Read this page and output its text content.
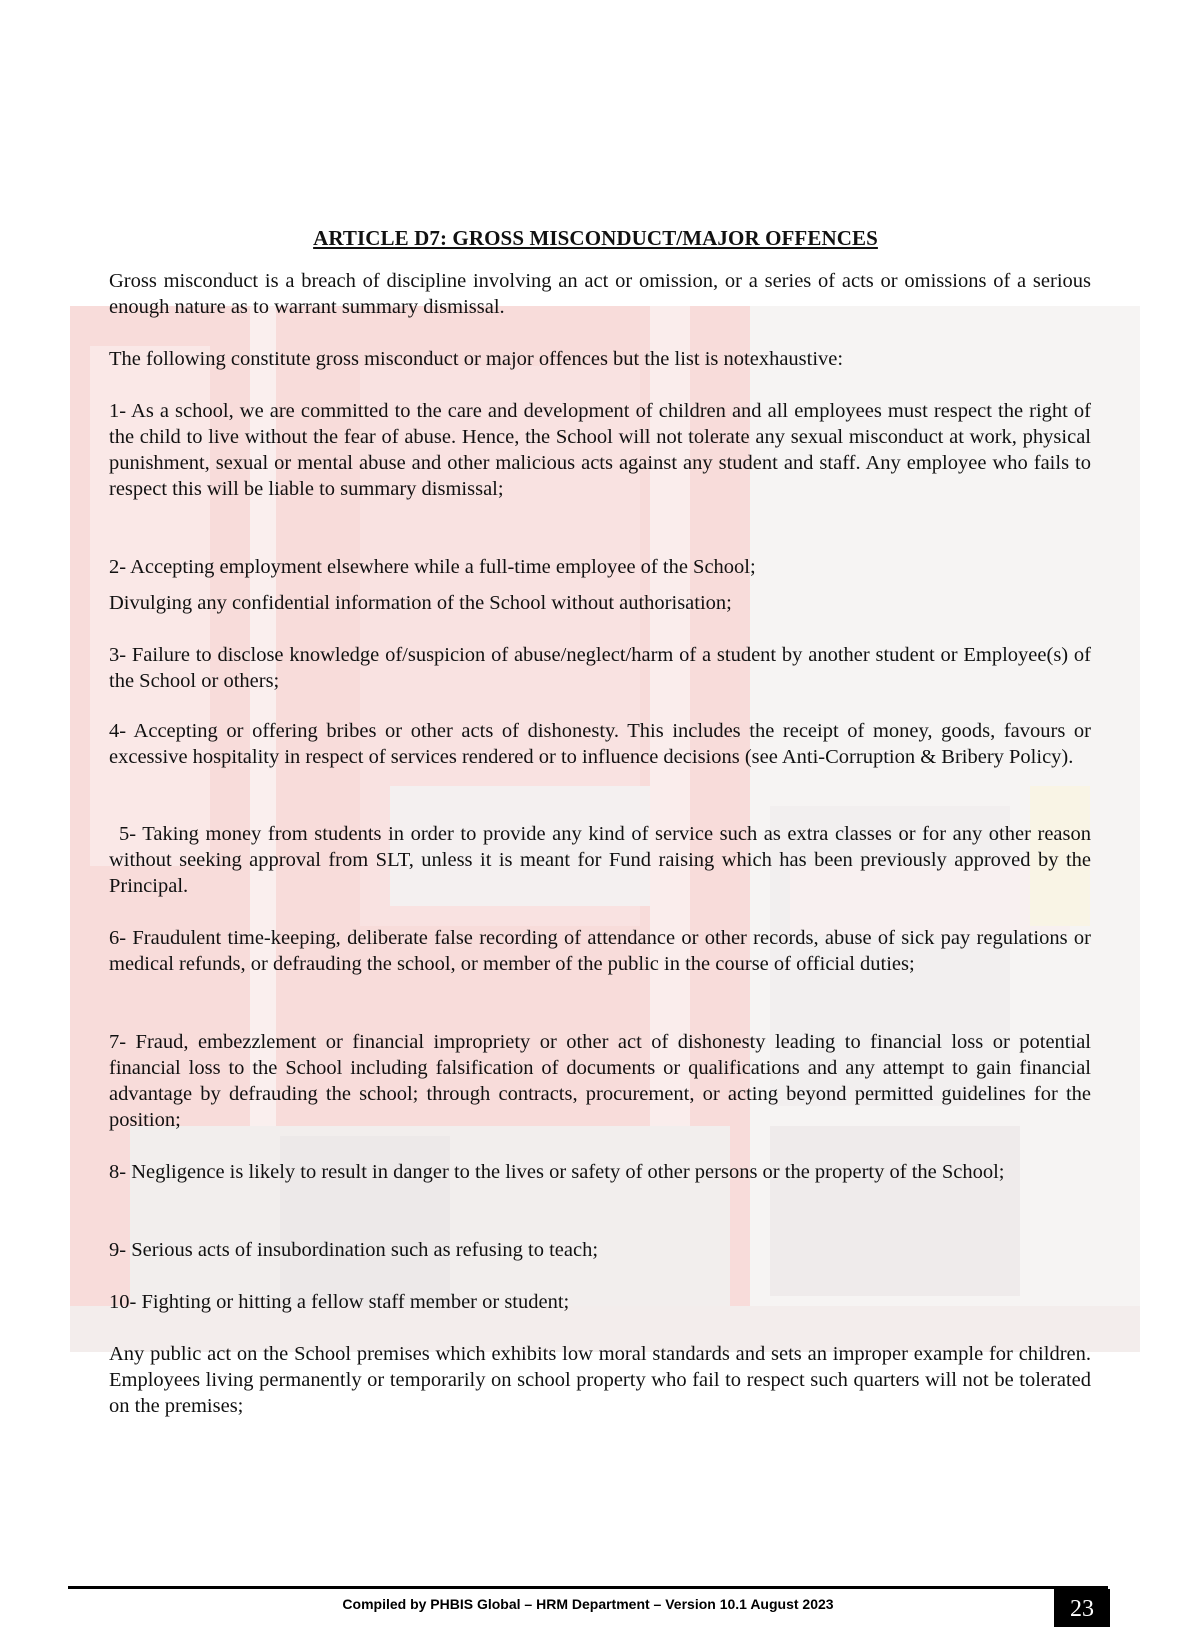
ARTICLE D7: GROSS MISCONDUCT/MAJOR OFFENCES

Gross misconduct is a breach of discipline involving an act or omission, or a series of acts or omissions of a serious enough nature as to warrant summary dismissal.

The following constitute gross misconduct or major offences but the list is notexhaustive:

1- As a school, we are committed to the care and development of children and all employees must respect the right of the child to live without the fear of abuse. Hence, the School will not tolerate any sexual misconduct at work, physical punishment, sexual or mental abuse and other malicious acts against any student and staff. Any employee who fails to respect this will be liable to summary dismissal;

2- Accepting employment elsewhere while a full-time employee of the School;

Divulging any confidential information of the School without authorisation;

3- Failure to disclose knowledge of/suspicion of abuse/neglect/harm of a student by another student or Employee(s) of the School or others;

4- Accepting or offering bribes or other acts of dishonesty. This includes the receipt of money, goods, favours or excessive hospitality in respect of services rendered or to influence decisions (see Anti-Corruption & Bribery Policy).

5- Taking money from students in order to provide any kind of service such as extra classes or for any other reason without seeking approval from SLT, unless it is meant for Fund raising which has been previously approved by the Principal.

6- Fraudulent time-keeping, deliberate false recording of attendance or other records, abuse of sick pay regulations or medical refunds, or defrauding the school, or member of the public in the course of official duties;

7- Fraud, embezzlement or financial impropriety or other act of dishonesty leading to financial loss or potential financial loss to the School including falsification of documents or qualifications and any attempt to gain financial advantage by defrauding the school; through contracts, procurement, or acting beyond permitted guidelines for the position;

8- Negligence is likely to result in danger to the lives or safety of other persons or the property of the School;

9- Serious acts of insubordination such as refusing to teach;

10- Fighting or hitting a fellow staff member or student;

Any public act on the School premises which exhibits low moral standards and sets an improper example for children. Employees living permanently or temporarily on school property who fail to respect such quarters will not be tolerated on the premises;

Compiled by PHBIS Global – HRM Department – Version 10.1 August 2023	23
